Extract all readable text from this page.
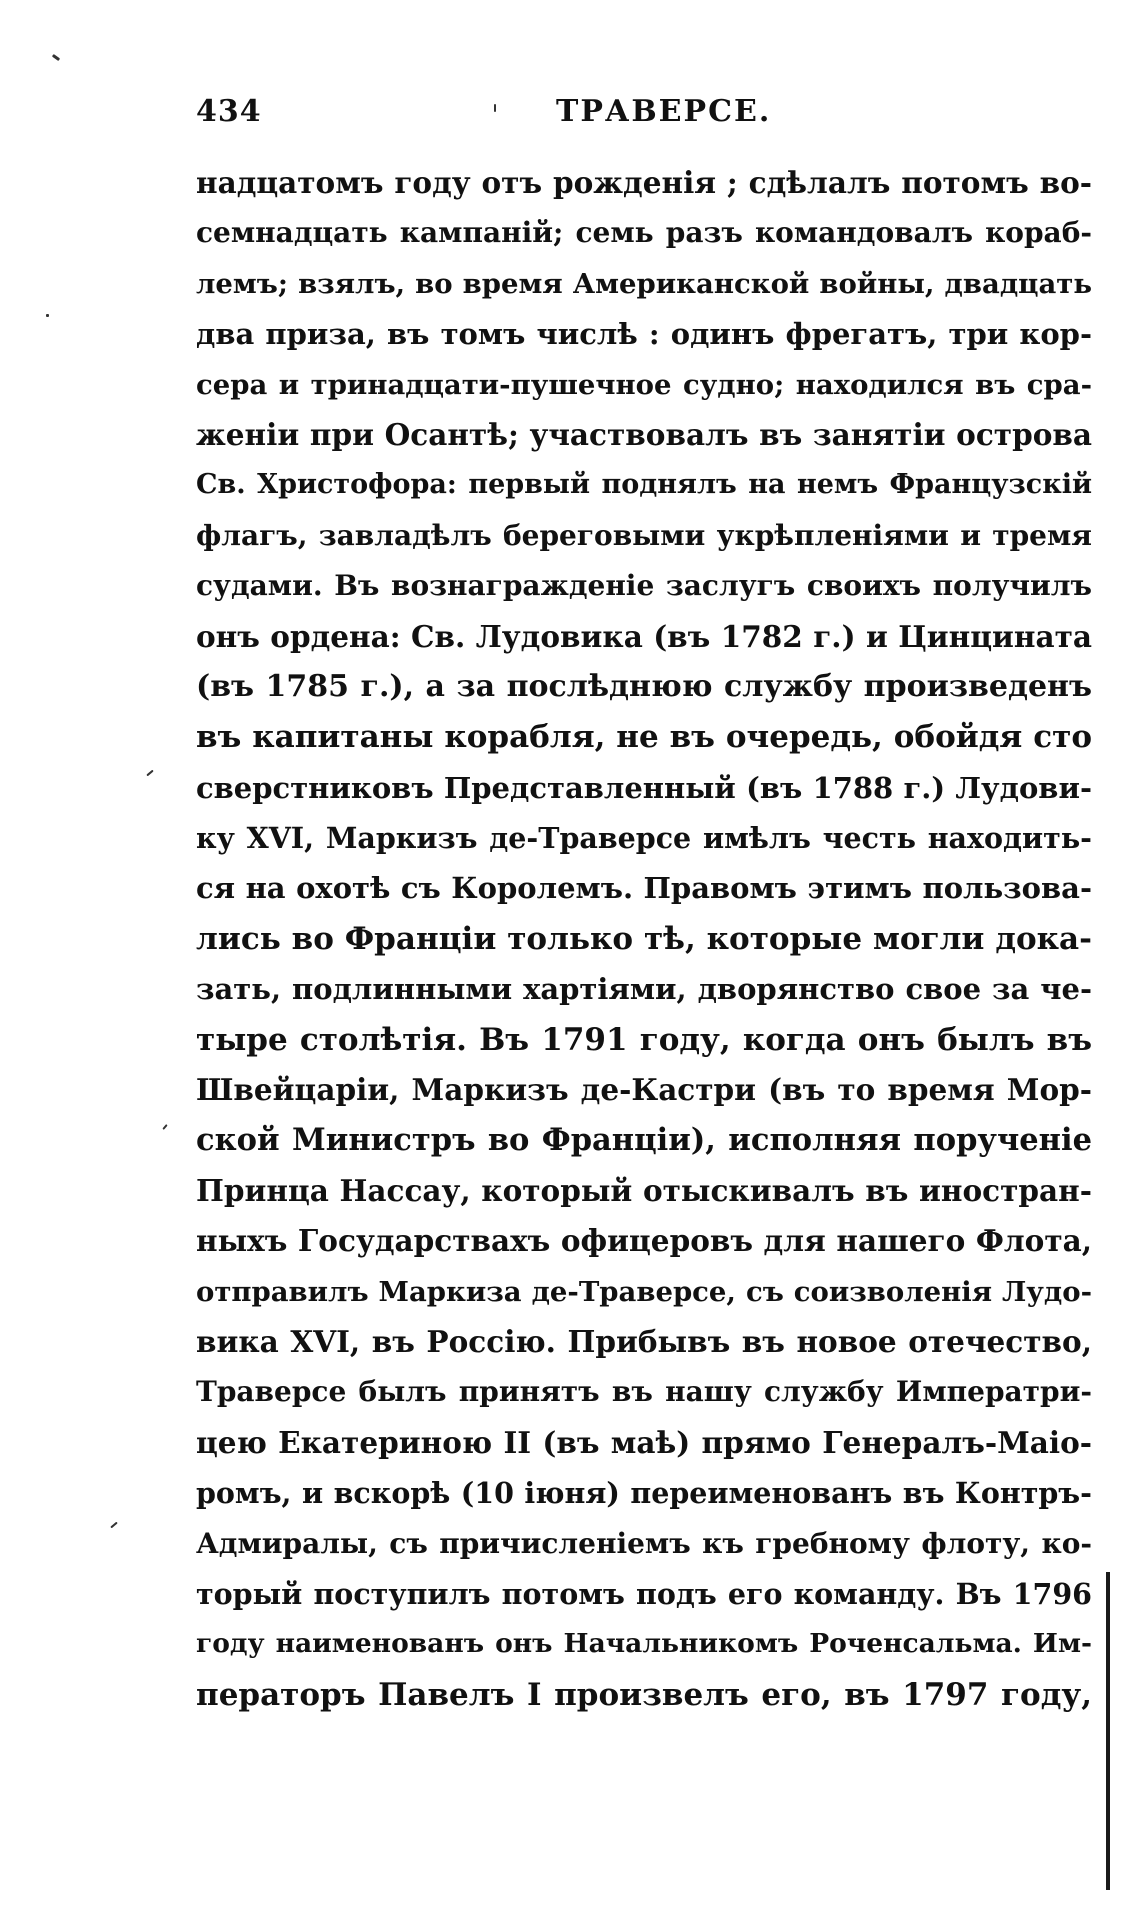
434	ТРАВЕРСЕ.
надцатомъ году отъ рожденія ; сдѣлалъ потомъ во-
семнадцать кампаній; семь разъ командовалъ кораб-
лемъ; взялъ, во время Американской войны, двадцать
два приза, въ томъ числѣ : одинъ фрегатъ, три кор-
сера и тринадцати-пушечное судно; находился въ сра-
женіи при Осантѣ; участвовалъ въ занятіи острова
Св. Христофора: первый поднялъ на немъ Французскій
флагъ, завладѣлъ береговыми укрѣпленіями и тремя
судами. Въ вознагражденіе заслугъ своихъ получилъ
онъ ордена: Св. Лудовика (въ 1782 г.) и Цинцината
(въ 1785 г.), а за послѣднюю службу произведенъ
въ капитаны корабля, не въ очередь, обойдя сто
сверстниковъ Представленный (въ 1788 г.) Лудови-
ку XVI, Маркизъ де-Траверсе имѣлъ честь находить-
ся на охотѣ съ Королемъ. Правомъ этимъ пользова-
лись во Франціи только тѣ, которые могли дока-
зать, подлинными хартіями, дворянство свое за че-
тыре столѣтія. Въ 1791 году, когда онъ былъ въ
Швейцаріи, Маркизъ де-Кастри (въ то время Мор-
ской Министръ во Франціи), исполняя порученіе
Принца Нассау, который отыскивалъ въ иностран-
ныхъ Государствахъ офицеровъ для нашего Флота,
отправилъ Маркиза де-Траверсе, съ соизволенія Лудо-
вика XVI, въ Россію. Прибывъ въ новое отечество,
Траверсе былъ принятъ въ нашу службу Императри-
цею Екатериною II (въ маѣ) прямо Генералъ-Маіо-
ромъ, и вскорѣ (10 іюня) переименованъ въ Контръ-
Адмиралы, съ причисленіемъ къ гребному флоту, ко-
торый поступилъ потомъ подъ его команду. Въ 1796
году наименованъ онъ Начальникомъ Роченсальма. Им-
ператоръ Павелъ I произвелъ его, въ 1797 году,
